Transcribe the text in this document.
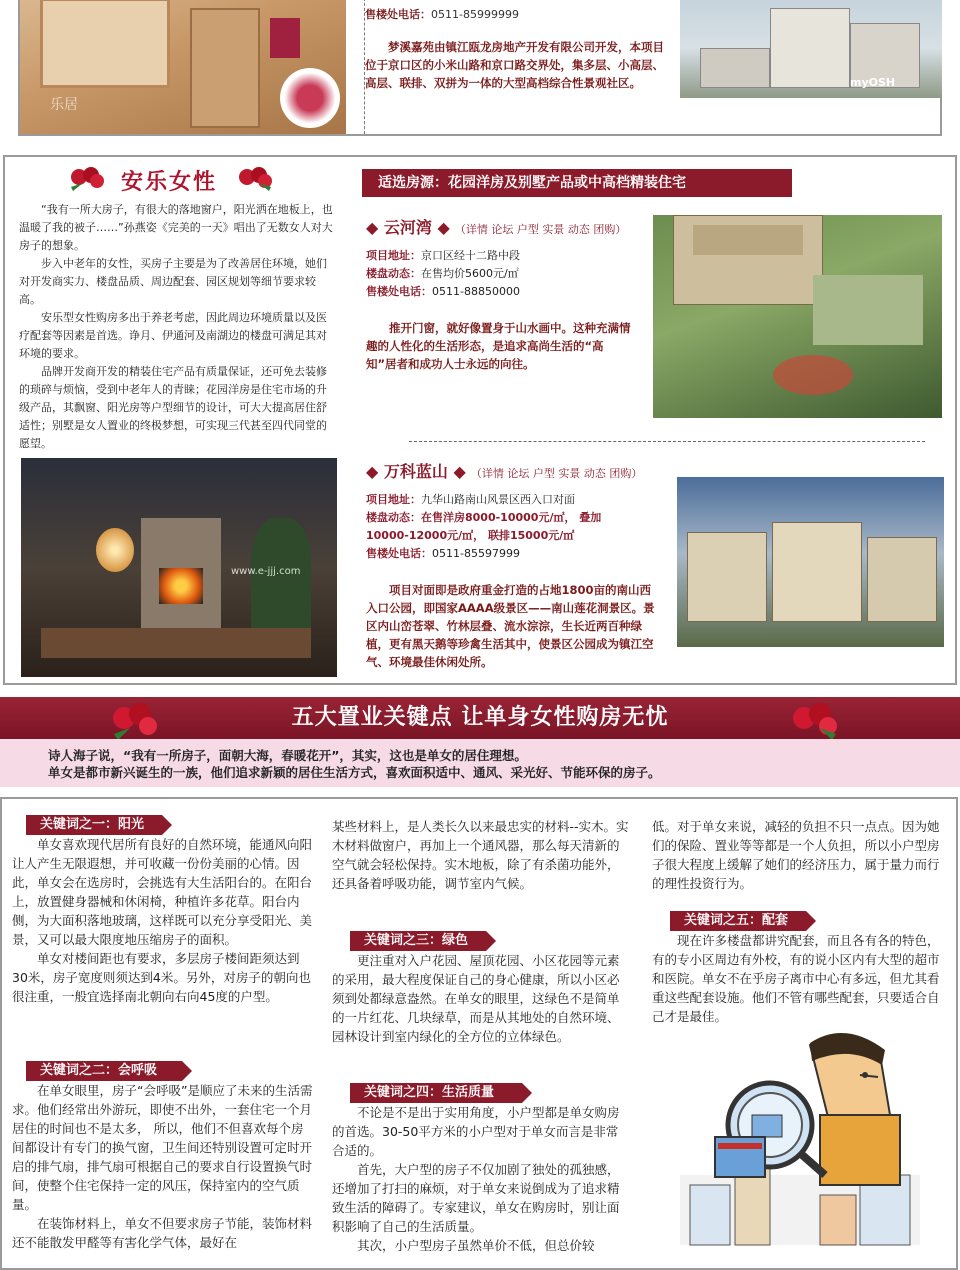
乐居
售楼处电话：0511-85999999
梦溪嘉苑由镇江瓯龙房地产开发有限公司开发，本项目位于京口区的小米山路和京口路交界处，集多层、小高层、高层、联排、双拼为一体的大型高档综合性景观社区。	myOSH
安乐女性

“我有一所大房子，有很大的落地窗户，阳光洒在地板上，也温暖了我的被子……”孙燕姿《完美的一天》唱出了无数女人对大房子的想象。

步入中老年的女性，买房子主要是为了改善居住环境，她们对开发商实力、楼盘品质、周边配套、园区规划等细节要求较高。

安乐型女性购房多出于养老考虑，因此周边环境质量以及医疗配套等因素是首选。诤月、伊通河及南湖边的楼盘可满足其对环境的要求。

品牌开发商开发的精装住宅产品有质量保证，还可免去装修的琐碎与烦恼，受到中老年人的青睐；花园洋房是住宅市场的升级产品，其飘窗、阳光房等户型细节的设计，可大大提高居住舒适性；别墅是女人置业的终极梦想，可实现三代甚至四代同堂的愿望。

www.e-jjj.com
适选房源：花园洋房及别墅产品或中高档精装住宅
◆ 云河湾 ◆ （详情 论坛 户型 实景 动态 团购）
项目地址：京口区经十二路中段
楼盘动态：在售均价5600元/㎡
售楼处电话：0511-88850000
推开门窗，就好像置身于山水画中。这种充满情趣的人性化的生活形态，是追求高尚生活的“高知”居者和成功人士永远的向往。
◆ 万科蓝山 ◆ （详情 论坛 户型 实景 动态 团购）
项目地址：九华山路南山风景区西入口对面
楼盘动态：在售洋房8000-10000元/㎡， 叠加10000-12000元/㎡， 联排15000元/㎡
售楼处电话：0511-85597999
项目对面即是政府重金打造的占地1800亩的南山西入口公园，即国家AAAA级景区——南山莲花洞景区。景区内山峦苍翠、竹林层叠、流水淙淙，生长近两百种绿植，更有黑天鹅等珍禽生活其中，使景区公园成为镇江空气、环境最佳休闲处所。
五大置业关键点 让单身女性购房无忧
诗人海子说，“我有一所房子，面朝大海，春暖花开”，其实，这也是单女的居住理想。
单女是都市新兴诞生的一族，他们追求新颖的居住生活方式，喜欢面积适中、通风、采光好、节能环保的房子。
关键词之一：阳光

单女喜欢现代居所有良好的自然环境，能通风向阳让人产生无限遐想，并可收藏一份份美丽的心情。因此，单女会在选房时，会挑选有大生活阳台的。在阳台上，放置健身器械和休闲椅，种植许多花草。阳台内侧，为大面积落地玻璃，这样既可以充分享受阳光、美景，又可以最大限度地压缩房子的面积。

单女对楼间距也有要求，多层房子楼间距须达到30米，房子宽度则须达到4米。另外，对房子的朝向也很注重，一般宜选择南北朝向右向45度的户型。

关键词之二：会呼吸

在单女眼里，房子“会呼吸”是顺应了未来的生活需求。他们经常出外游玩，即使不出外，一套住宅一个月居住的时间也不是太多， 所以，他们不但喜欢每个房间都设计有专门的换气窗，卫生间还特别设置可定时开启的排气扇，排气扇可根据自己的要求自行设置换气时间，使整个住宅保持一定的风压，保持室内的空气质量。

在装饰材料上，单女不但要求房子节能，装饰材料还不能散发甲醛等有害化学气体，最好在

某些材料上，是人类长久以来最忠实的材料--实木。实木材料做窗户，再加上一个通风器，那么每天清新的空气就会轻松保持。实木地板，除了有杀菌功能外，还具备着呼吸功能，调节室内气候。
关键词之三：绿色

更注重对入户花园、屋顶花园、小区花园等元素的采用，最大程度保证自己的身心健康，所以小区必须到处都绿意盎然。在单女的眼里，这绿色不是简单的一片红花、几块绿草，而是从其地处的自然环境、园林设计到室内绿化的全方位的立体绿色。

关键词之四：生活质量

不论是不是出于实用角度，小户型都是单女购房的首选。30-50平方米的小户型对于单女而言是非常合适的。

首先，大户型的房子不仅加剧了独处的孤独感，还增加了打扫的麻烦，对于单女来说倒成为了追求精致生活的障碍了。专家建议，单女在购房时，别让面积影响了自己的生活质量。

其次，小户型房子虽然单价不低，但总价较

低。对于单女来说，减轻的负担不只一点点。因为她们的保险、置业等等都是一个人负担，所以小户型房子很大程度上缓解了她们的经济压力，属于量力而行的理性投资行为。
关键词之五：配套

现在许多楼盘都讲究配套，而且各有各的特色，有的专小区周边有外校，有的说小区内有大型的超市和医院。单女不在乎房子离市中心有多远，但尤其看重这些配套设施。他们不管有哪些配套，只要适合自己才是最佳。
